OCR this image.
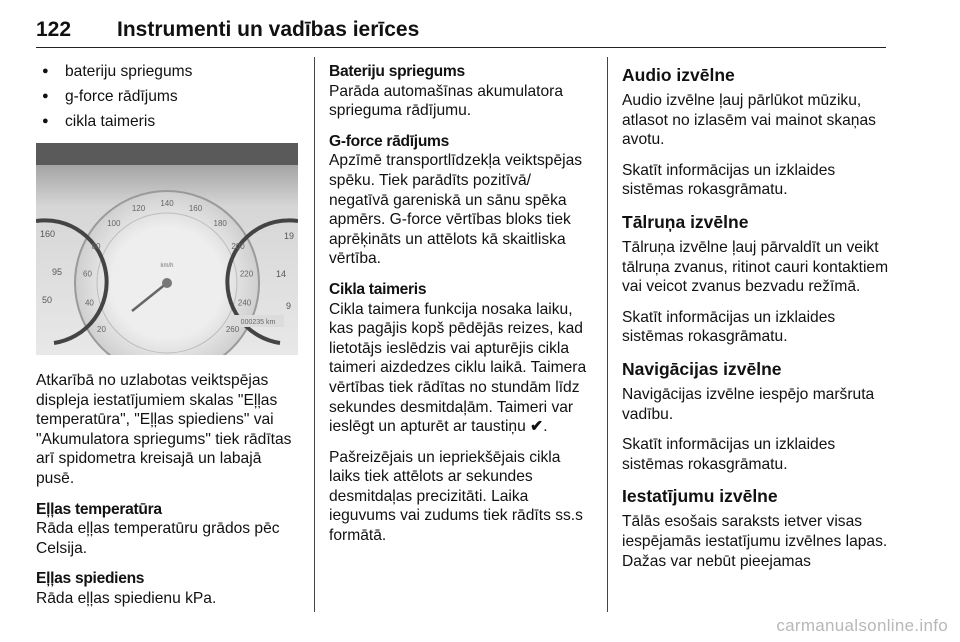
122 Instrumenti un vadības ierīces
● bateriju spriegums
● g-force rādījums
● cikla taimeris
160
95
50
19
14
9
20
40
60
80
100
120
140
160
180
200
220
240
260
km/h
000235 km

Atkarībā no uzlabotas veiktspējas displeja iestatījumiem skalas "Eļļas temperatūra", "Eļļas spiediens" vai "Akumulatora spriegums" tiek rādītas arī spidometra kreisajā un labajā pusē.

Eļļas temperatūra

Rāda eļļas temperatūru grādos pēc Celsija.

Eļļas spiediens

Rāda eļļas spiedienu kPa.

Bateriju spriegums

Parāda automašīnas akumulatora sprieguma rādījumu.

G-force rādījums

Apzīmē transportlīdzekļa veiktspējas spēku. Tiek parādīts pozitīvā/ negatīvā gareniskā un sānu spēka apmērs. G-force vērtības bloks tiek aprēķināts un attēlots kā skaitliska vērtība.

Cikla taimeris

Cikla taimera funkcija nosaka laiku, kas pagājis kopš pēdējās reizes, kad lietotājs ieslēdzis vai apturējis cikla taimeri aizdedzes ciklu laikā. Taimera vērtības tiek rādītas no stundām līdz sekundes desmitdaļām. Taimeri var ieslēgt un apturēt ar taustiņu ✔.

Pašreizējais un iepriekšējais cikla laiks tiek attēlots ar sekundes desmitdaļas precizitāti. Laika ieguvums vai zudums tiek rādīts ss.s formātā.

Audio izvēlne

Audio izvēlne ļauj pārlūkot mūziku, atlasot no izlasēm vai mainot skaņas avotu.

Skatīt informācijas un izklaides sistēmas rokasgrāmatu.

Tālruņa izvēlne

Tālruņa izvēlne ļauj pārvaldīt un veikt tālruņa zvanus, ritinot cauri kontaktiem vai veicot zvanus bezvadu režīmā.

Skatīt informācijas un izklaides sistēmas rokasgrāmatu.

Navigācijas izvēlne

Navigācijas izvēlne iespējo maršruta vadību.

Skatīt informācijas un izklaides sistēmas rokasgrāmatu.

Iestatījumu izvēlne

Tālās esošais saraksts ietver visas iespējamās iestatījumu izvēlnes lapas. Dažas var nebūt pieejamas

carmanualsonline.info
